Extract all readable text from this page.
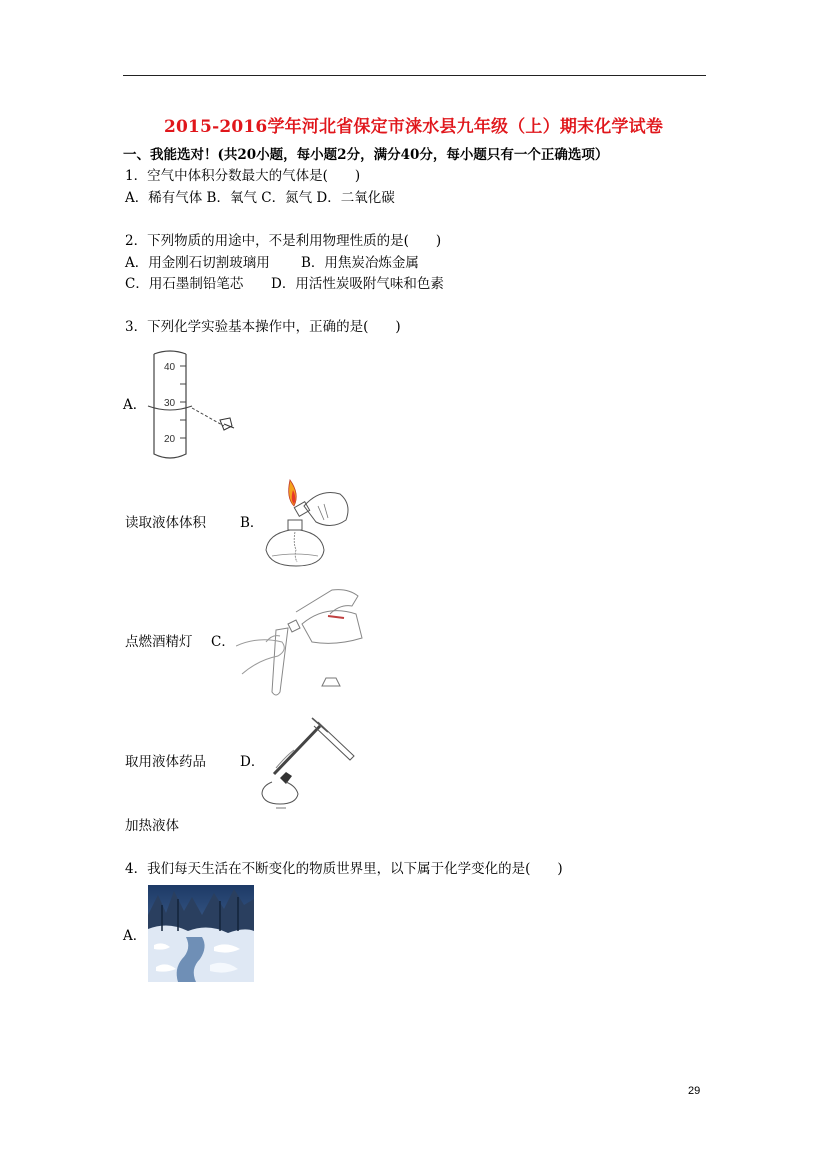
2015-2016学年河北省保定市涞水县九年级（上）期末化学试卷
一、我能选对！(共20小题，每小题2分，满分40分，每小题只有一个正确选项）
1．空气中体积分数最大的气体是(　　)
A．稀有气体 B．氧气 C．氮气 D．二氧化碳
2．下列物质的用途中，不是利用物理性质的是(　　)
A．用金刚石切割玻璃用 B．用焦炭冶炼金属
C．用石墨制铅笔芯 D．用活性炭吸附气味和色素
3．下列化学实验基本操作中，正确的是(　　)
40
30
20
A．
读取液体体积	B．
点燃酒精灯 C．
取用液体药品	D．
加热液体
4．我们每天生活在不断变化的物质世界里，以下属于化学变化的是(　　)
A．
29
